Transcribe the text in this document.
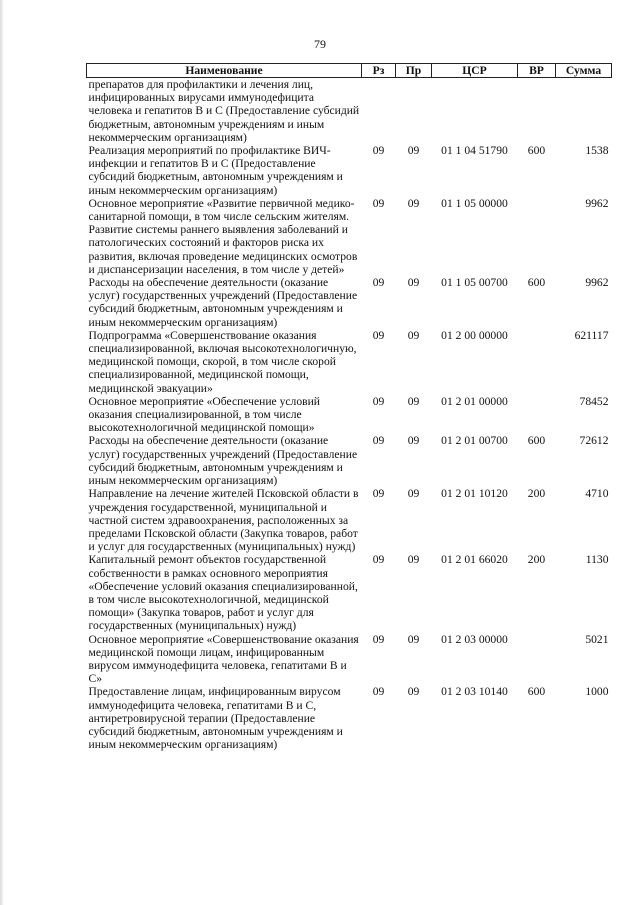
79
Наименование	Рз	Пр	ЦСР	ВР	Сумма
препаратов для профилактики и лечения лиц, инфицированных вирусами иммунодефицита человека и гепатитов В и С (Предоставление субсидий бюджетным, автономным учреждениям и иным некоммерческим организациям)					
Реализация мероприятий по профилактике ВИЧ-инфекции и гепатитов В и С (Предоставление субсидий бюджетным, автономным учреждениям и иным некоммерческим организациям)	09	09	01 1 04 51790	600	1538
Основное мероприятие «Развитие первичной медико-санитарной помощи, в том числе сельским жителям. Развитие системы раннего выявления заболеваний и патологических состояний и факторов риска их развития, включая проведение медицинских осмотров и диспансеризации населения, в том числе у детей»	09	09	01 1 05 00000		9962
Расходы на обеспечение деятельности (оказание услуг) государственных учреждений (Предоставление субсидий бюджетным, автономным учреждениям и иным некоммерческим организациям)	09	09	01 1 05 00700	600	9962
Подпрограмма «Совершенствование оказания специализированной, включая высокотехнологичную, медицинской помощи, скорой, в том числе скорой специализированной, медицинской помощи, медицинской эвакуации»	09	09	01 2 00 00000		621117
Основное мероприятие «Обеспечение условий оказания специализированной, в том числе высокотехнологичной медицинской помощи»	09	09	01 2 01 00000		78452
Расходы на обеспечение деятельности (оказание услуг) государственных учреждений (Предоставление субсидий бюджетным, автономным учреждениям и иным некоммерческим организациям)	09	09	01 2 01 00700	600	72612
Направление на лечение жителей Псковской области в учреждения государственной, муниципальной и частной систем здравоохранения, расположенных за пределами Псковской области (Закупка товаров, работ и услуг для государственных (муниципальных) нужд)	09	09	01 2 01 10120	200	4710
Капитальный ремонт объектов государственной собственности в рамках основного мероприятия «Обеспечение условий оказания специализированной, в том числе высокотехнологичной, медицинской помощи» (Закупка товаров, работ и услуг для государственных (муниципальных) нужд)	09	09	01 2 01 66020	200	1130
Основное мероприятие «Совершенствование оказания медицинской помощи лицам, инфицированным вирусом иммунодефицита человека, гепатитами В и С»	09	09	01 2 03 00000		5021
Предоставление лицам, инфицированным вирусом иммунодефицита человека, гепатитами В и С, антиретровирусной терапии (Предоставление субсидий бюджетным, автономным учреждениям и иным некоммерческим организациям)	09	09	01 2 03 10140	600	1000
